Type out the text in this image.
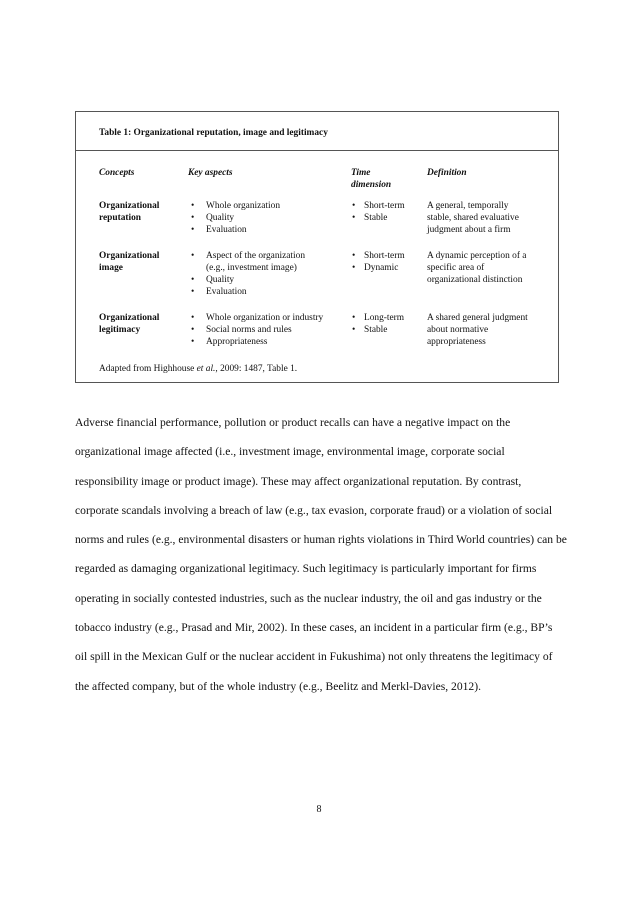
Table 1: Organizational reputation, image and legitimacy
Concepts	Key aspects	Time
dimension
Definition
Organizational
reputation
• Whole organization
• Quality
• Evaluation
• Short-term
• Stable
A general, temporally
stable, shared evaluative
judgment about a firm
Organizational
image
• Aspect of the organization
(e.g., investment image)
• Quality
• Evaluation
• Short-term
• Dynamic
A dynamic perception of a
specific area of
organizational distinction
Organizational
legitimacy
• Whole organization or industry
• Social norms and rules
• Appropriateness
• Long-term
• Stable
A shared general judgment
about normative
appropriateness
Adapted from Highhouse et al., 2009: 1487, Table 1.

Adverse financial performance, pollution or product recalls can have a negative impact on the organizational image affected (i.e., investment image, environmental image, corporate social responsibility image or product image). These may affect organizational reputation. By contrast, corporate scandals involving a breach of law (e.g., tax evasion, corporate fraud) or a violation of social norms and rules (e.g., environmental disasters or human rights violations in Third World countries) can be regarded as damaging organizational legitimacy. Such legitimacy is particularly important for firms operating in socially contested industries, such as the nuclear industry, the oil and gas industry or the tobacco industry (e.g., Prasad and Mir, 2002). In these cases, an incident in a particular firm (e.g., BP’s oil spill in the Mexican Gulf or the nuclear accident in Fukushima) not only threatens the legitimacy of the affected company, but of the whole industry (e.g., Beelitz and Merkl-Davies, 2012).

8
